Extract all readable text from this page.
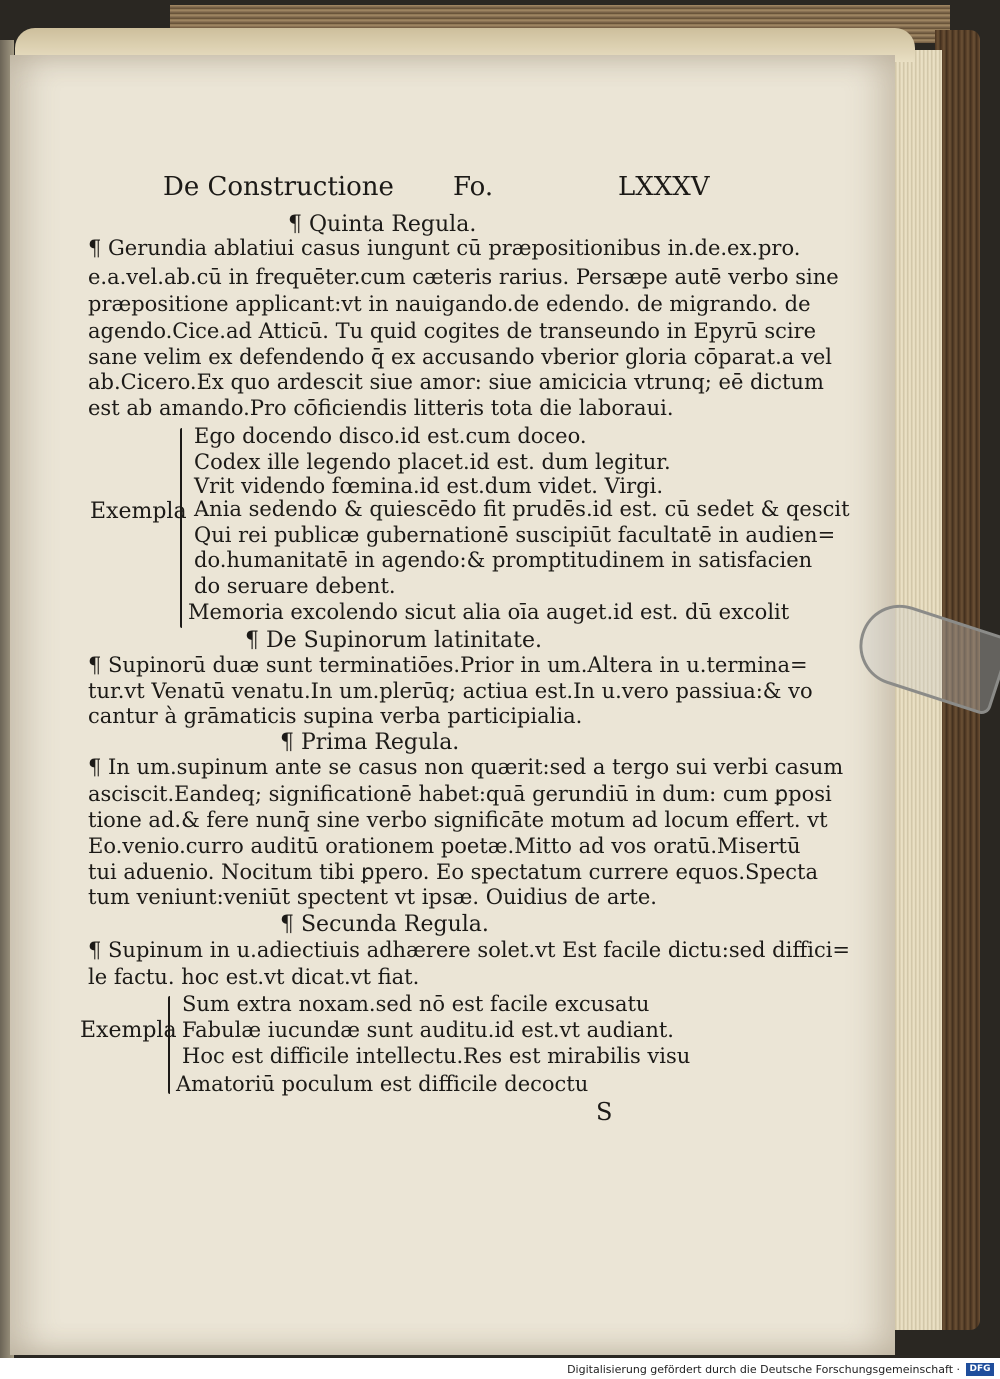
De Constructione Fo.	LXXXV
¶ Quinta Regula.
¶ Gerundia ablatiui casus iungunt cū præpositionibus in.de.ex.pro.
e.a.vel.ab.cū in frequēter.cum cæteris rarius. Persæpe autē verbo sine
præpositione applicant:vt in nauigando.de edendo. de migrando. de
agendo.Cice.ad Atticū. Tu quid cogites de transeundo in Epyrū scire
sane velim ex defendendo q̄ ex accusando vberior gloria cōparat.a vel
ab.Cicero.Ex quo ardescit siue amor: siue amicicia vtrunq; eē dictum
est ab amando.Pro cōficiendis litteris tota die laboraui.
Exempla
Ego docendo disco.id est.cum doceo.
Codex ille legendo placet.id est. dum legitur.
Vrit videndo fœmina.id est.dum videt. Virgi.
Ania sedendo & quiescēdo fit prudēs.id est. cū sedet & qescit
Qui rei publicæ gubernationē suscipiūt facultatē in audien=
do.humanitatē in agendo:& promptitudinem in satisfacien
do seruare debent.
Memoria excolendo sicut alia oīa auget.id est. dū excolit
¶ De Supinorum latinitate.
¶ Supinorū duæ sunt terminatiōes.Prior in um.Altera in u.termina=
tur.vt Venatū venatu.In um.plerūq; actiua est.In u.vero passiua:& vo
cantur à grāmaticis supina verba participialia.
¶ Prima Regula.
¶ In um.supinum ante se casus non quærit:sed a tergo sui verbi casum
asciscit.Eandeq; significationē habet:quā gerundiū in dum: cum ꝑposi
tione ad.& fere nunq̄ sine verbo significāte motum ad locum effert. vt
Eo.venio.curro auditū orationem poetæ.Mitto ad vos oratū.Misertū
tui aduenio. Nocitum tibi ꝑpero. Eo spectatum currere equos.Specta
tum veniunt:veniūt spectent vt ipsæ. Ouidius de arte.
¶ Secunda Regula.
¶ Supinum in u.adiectiuis adhærere solet.vt Est facile dictu:sed diffici=
le factu. hoc est.vt dicat.vt fiat.
Exempla
Sum extra noxam.sed nō est facile excusatu
Fabulæ iucundæ sunt auditu.id est.vt audiant.
Hoc est difficile intellectu.Res est mirabilis visu
Amatoriū poculum est difficile decoctu
S
Digitalisierung gefördert durch die Deutsche Forschungsgemeinschaft ·	DFG
